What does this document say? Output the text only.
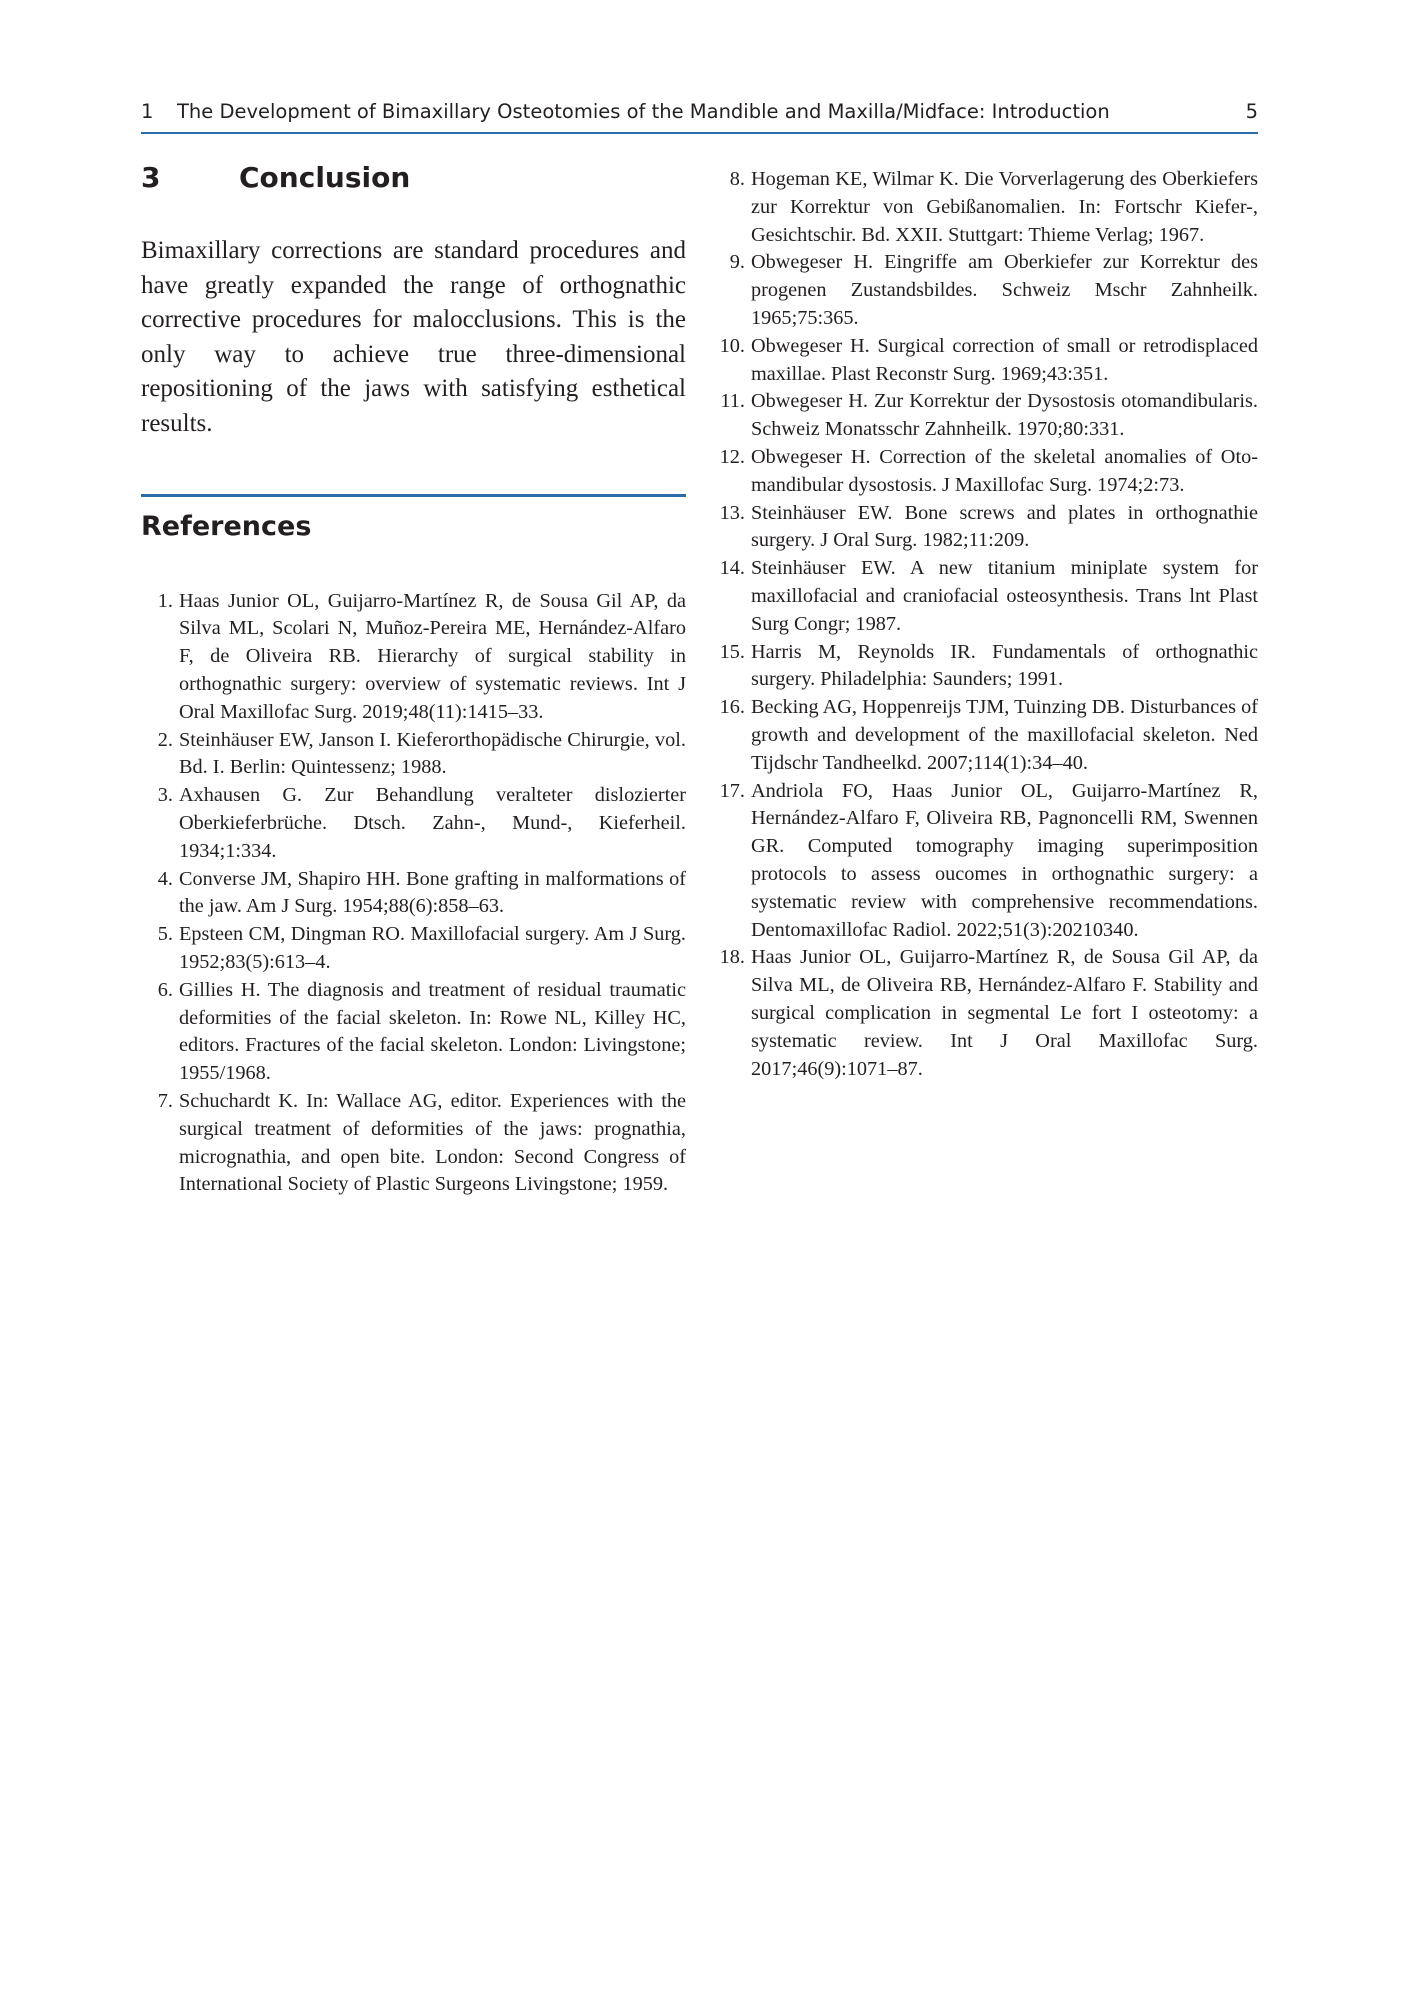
1 The Development of Bimaxillary Osteotomies of the Mandible and Maxilla/Midface: Introduction	5
3	Conclusion

Bimaxillary corrections are standard procedures and have greatly expanded the range of orthognathic corrective procedures for malocclusions. This is the only way to achieve true three-dimensional repositioning of the jaws with satisfying esthetical results.

References
1. Haas Junior OL, Guijarro-Martínez R, de Sousa Gil AP, da Silva ML, Scolari N, Muñoz-Pereira ME, Hernández-Alfaro F, de Oliveira RB. Hierarchy of surgical stability in orthognathic surgery: overview of systematic reviews. Int J Oral Maxillofac Surg. 2019;48(11):1415–33.
2. Steinhäuser EW, Janson I. Kieferorthopädische Chirurgie, vol. Bd. I. Berlin: Quintessenz; 1988.
3. Axhausen G. Zur Behandlung veralteter dislozierter Oberkieferbrüche. Dtsch. Zahn-, Mund-, Kieferheil. 1934;1:334.
4. Converse JM, Shapiro HH. Bone grafting in malformations of the jaw. Am J Surg. 1954;88(6):858–63.
5. Epsteen CM, Dingman RO. Maxillofacial surgery. Am J Surg. 1952;83(5):613–4.
6. Gillies H. The diagnosis and treatment of residual traumatic deformities of the facial skeleton. In: Rowe NL, Killey HC, editors. Fractures of the facial skeleton. London: Livingstone; 1955/1968.
7. Schuchardt K. In: Wallace AG, editor. Experiences with the surgical treatment of deformities of the jaws: prognathia, micrognathia, and open bite. London: Second Congress of International Society of Plastic Surgeons Livingstone; 1959.
8. Hogeman KE, Wilmar K. Die Vorverlagerung des Oberkiefers zur Korrektur von Gebißanomalien. In: Fortschr Kiefer-, Gesichtschir. Bd. XXII. Stuttgart: Thieme Verlag; 1967.
9. Obwegeser H. Eingriffe am Oberkiefer zur Korrektur des progenen Zustandsbildes. Schweiz Mschr Zahnheilk. 1965;75:365.
10. Obwegeser H. Surgical correction of small or retrodisplaced maxillae. Plast Reconstr Surg. 1969;43:351.
11. Obwegeser H. Zur Korrektur der Dysostosis otomandibularis. Schweiz Monatsschr Zahnheilk. 1970;80:331.
12. Obwegeser H. Correction of the skeletal anomalies of Oto-mandibular dysostosis. J Maxillofac Surg. 1974;2:73.
13. Steinhäuser EW. Bone screws and plates in orthognathie surgery. J Oral Surg. 1982;11:209.
14. Steinhäuser EW. A new titanium miniplate system for maxillofacial and craniofacial osteosynthesis. Trans lnt Plast Surg Congr; 1987.
15. Harris M, Reynolds IR. Fundamentals of orthognathic surgery. Philadelphia: Saunders; 1991.
16. Becking AG, Hoppenreijs TJM, Tuinzing DB. Disturbances of growth and development of the maxillofacial skeleton. Ned Tijdschr Tandheelkd. 2007;114(1):34–40.
17. Andriola FO, Haas Junior OL, Guijarro-Martínez R, Hernández-Alfaro F, Oliveira RB, Pagnoncelli RM, Swennen GR. Computed tomography imaging superimposition protocols to assess oucomes in orthognathic surgery: a systematic review with comprehensive recommendations. Dentomaxillofac Radiol. 2022;51(3):20210340.
18. Haas Junior OL, Guijarro-Martínez R, de Sousa Gil AP, da Silva ML, de Oliveira RB, Hernández-Alfaro F. Stability and surgical complication in segmental Le fort I osteotomy: a systematic review. Int J Oral Maxillofac Surg. 2017;46(9):1071–87.
